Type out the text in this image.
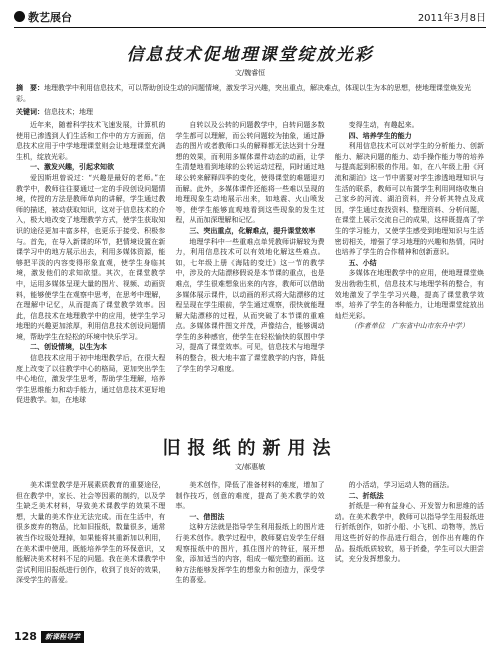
教艺展台	2011年3月8日
信息技术促地理课堂绽放光彩
文/魏睿恒
摘　要：地理教学中利用信息技术，可以帮助创设生动的问题情境，激发学习兴趣，突出重点，解决难点，体现以生为本的思想，使地理课堂焕发光彩。
关键词：信息技术；地理

近年来，随着科学技术飞速发展，计算机的使用已渗透到人们生活和工作中的方方面面，信息技术应用于中学地理课堂则会让地理课堂充满生机，绽放光彩。

一、激发兴趣，引起求知欲

爱因斯坦曾说过：“兴趣是最好的老师。”在教学中，教师往往要通过一定的手段创设问题情境，传授的方法是教师单向的讲解，学生通过教师的描述，被动获取知识，这对于信息技术的介入，极大地改变了地理教学方式，使学生获取知识的途径更加丰富多样，也更乐于接受、积极参与。首先，在导入新课的环节，把情境设置在新课学习中的地方展示出去，利用多媒体资源，能够把平淡的内容变得形象直观，使学生身临其境，激发他们的求知欲望。其次，在课堂教学中，运用多媒体呈现大量的图片、视频、动画资料，能够使学生在观察中思考，在思考中理解，在理解中记忆，从而提高了课堂教学效率。因此，信息技术在地理教学中的应用，使学生学习地理的兴趣更加浓厚，利用信息技术创设问题情境，帮助学生在轻松的环境中快乐学习。

二、创设情境，以生为本

信息技术应用于初中地理教学后，在很大程度上改变了以往教学中心的格局，更加突出学生中心地位，激发学生思考，帮助学生理解，培养学生思维能力和动手能力，通过信息技术更好地促进教学。如，在地球

自转以及公转的问题教学中，自转问题多数学生都可以理解，而公转问题较为抽象，通过静态的图片或者教师口头的解释都无法达到十分理想的效果，而利用多媒体课件动态的动画，让学生清楚地看到地球的公转运动过程，同时通过地球公转来解释四季的变化，使得课堂的难题迎刃而解。此外，多媒体课件还能将一些难以呈现的地理现象生动地展示出来，如地震、火山喷发等，使学生能够直观地看到这些现象的发生过程，从而加深理解和记忆。

三、突出重点，化解难点，提升课堂效率

地理学科中一些重难点单凭教师讲解较为费力，利用信息技术可以有效地化解这些难点。如，七年级上册《海陆的变迁》这一节的教学中，涉及的大陆漂移假说是本节课的重点，也是难点，学生很难想象出来的内容，教师可以借助多媒体展示课件，以动画的形式将大陆漂移的过程呈现在学生眼前，学生通过观察，很快就能理解大陆漂移的过程，从而突破了本节课的重难点。多媒体课件图文并茂，声像结合，能够调动学生的多种感官，使学生在轻松愉快的氛围中学习，提高了课堂效率。可见，信息技术与地理学科的整合，极大地丰富了课堂教学的内容，降低了学生的学习难度。

变得生动，有趣起来。

四、培养学生的能力

利用信息技术可以对学生的分析能力、创新能力、解决问题的能力、动手操作能力等的培养与提高起到积极的作用。如，在八年级上册《河流和湖泊》这一节中需要对学生渗透地理知识与生活的联系，教师可以布置学生利用网络收集自己家乡的河流、湖泊资料，并分析其特点及成因，学生通过查找资料、整理资料、分析问题，在课堂上展示交流自己的成果，这样既提高了学生的学习能力，又使学生感受到地理知识与生活密切相关，增强了学习地理的兴趣和热情，同时也培养了学生的合作精神和创新意识。

五、小结

多媒体在地理教学中的应用，使地理课堂焕发出勃勃生机，信息技术与地理学科的整合，有效地激发了学生学习兴趣，提高了课堂教学效率，培养了学生的各种能力，让地理课堂绽放出灿烂光彩。

（作者单位　广东省中山市东升中学）

旧报纸的新用法
文/郝惠敏

美术课堂教学是开展素质教育的重要途径，但在教学中，家长、社会等因素的制约，以及学生缺乏美术材料，导致美术课教学的效果不理想，大量的美术作业无法完成。而在生活中，有很多废弃的物品，比如旧报纸，数量很多，通常被当作垃圾处理掉，如果能将其重新加以利用，在美术课中使用，既能培养学生的环保意识，又能解决美术材料不足的问题。我在美术课教学中尝试利用旧报纸进行创作，收到了良好的效果，深受学生的喜爱。

美术创作，降低了准备材料的难度，增加了制作技巧，创意的难度，提高了美术教学的效率。

一、借图法

这种方法就是指导学生利用报纸上的图片进行美术创作。教学过程中，教师要启发学生仔细观察报纸中的图片，抓住图片的特征，展开想象，添加适当的内容，组成一幅完整的画面。这种方法能够发挥学生的想象力和创造力，深受学生的喜爱。

的小活动，学习运动人物的画法。

二、折纸法

折纸是一种有益身心、开发智力和思维的活动。在美术教学中，教师可以指导学生用报纸进行折纸创作，如折小船、小飞机、动物等，然后用这些折好的作品进行组合，创作出有趣的作品。报纸纸质较软，易于折叠，学生可以大胆尝试，充分发挥想象力。

128	新课程导学
